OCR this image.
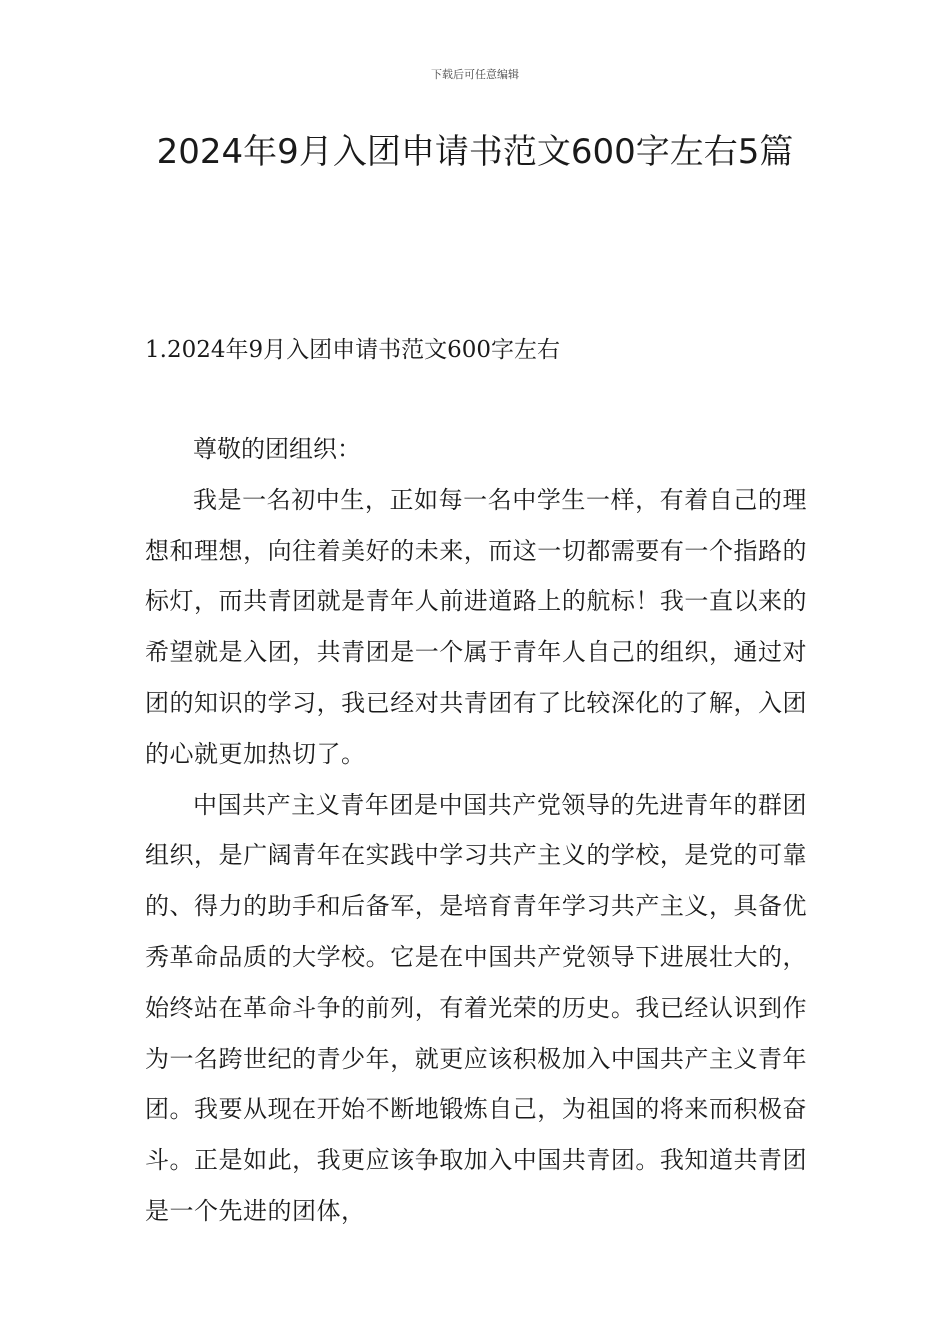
下载后可任意编辑
2024年9月入团申请书范文600字左右5篇
1.2024年9月入团申请书范文600字左右

尊敬的团组织：

我是一名初中生，正如每一名中学生一样，有着自己的理想和理想，向往着美好的未来，而这一切都需要有一个指路的标灯，而共青团就是青年人前进道路上的航标！我一直以来的希望就是入团，共青团是一个属于青年人自己的组织，通过对团的知识的学习，我已经对共青团有了比较深化的了解，入团的心就更加热切了。

中国共产主义青年团是中国共产党领导的先进青年的群团组织，是广阔青年在实践中学习共产主义的学校，是党的可靠的、得力的助手和后备军，是培育青年学习共产主义，具备优秀革命品质的大学校。它是在中国共产党领导下进展壮大的，始终站在革命斗争的前列，有着光荣的历史。我已经认识到作为一名跨世纪的青少年，就更应该积极加入中国共产主义青年团。我要从现在开始不断地锻炼自己，为祖国的将来而积极奋斗。正是如此，我更应该争取加入中国共青团。我知道共青团是一个先进的团体，
